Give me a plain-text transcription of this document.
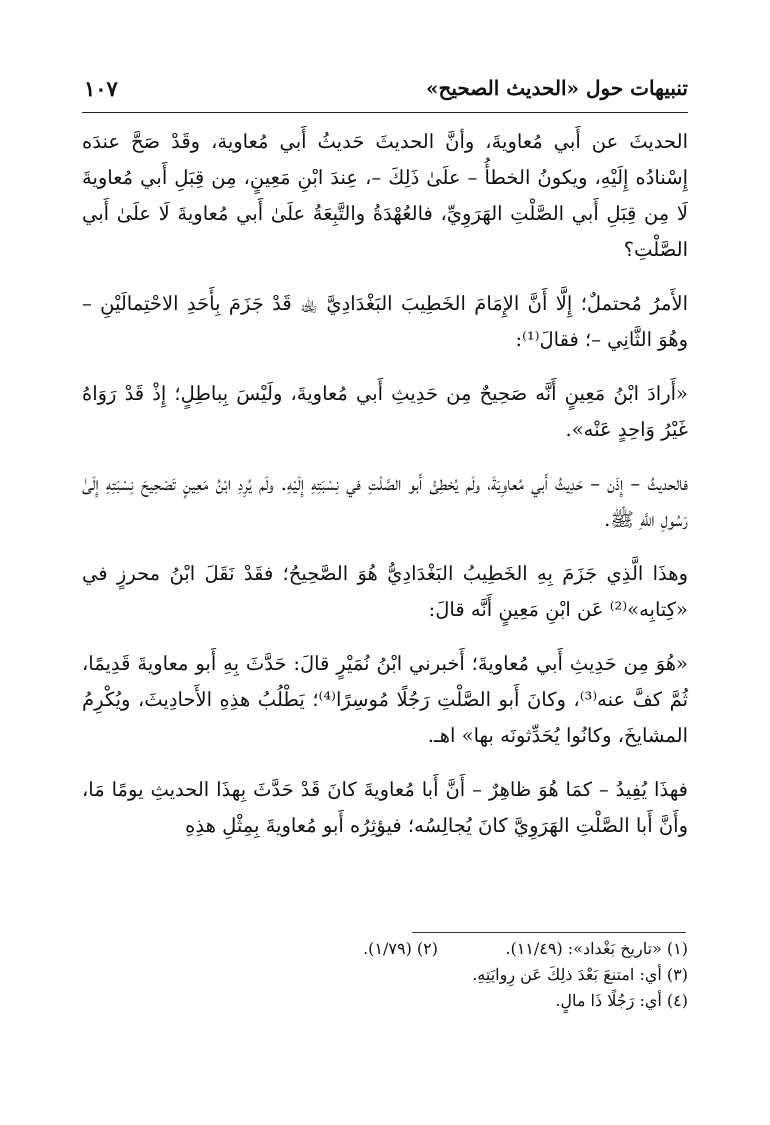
تنبيهات حول «الحديث الصحيح»
١٠٧

الحديثَ عن أَبي مُعاويةَ، وأنَّ الحديثَ حَديثُ أَبي مُعاوية، وقَدْ صَحَّ عندَه إِسْنادُه إِلَيْهِ، ويكونُ الخطأُ – علَىٰ ذَلِكَ –، عِندَ ابْنِ مَعِينٍ، مِن قِبَلِ أَبي مُعاويةَ لَا مِن قِبَلِ أَبي الصَّلْتِ الهَرَوِيِّ، فالعُهْدَةُ والتَّبِعَةُ علَىٰ أَبي مُعاويةَ لَا علَىٰ أَبي الصَّلْتِ؟

الأَمرُ مُحتملٌ؛ إِلَّا أَنَّ الإِمَامَ الخَطِيبَ البَغْدَادِيَّ ﵀ قَدْ جَزَمَ بِأَحَدِ الاحْتِمالَيْنِ – وهُوَ الثَّانِي –؛ فقالَ⁽¹⁾:

«أَرادَ ابْنُ مَعِينٍ أَنَّه صَحِيحٌ مِن حَدِيثِ أَبي مُعاويةَ، ولَيْسَ بِباطِلٍ؛ إِذْ قَدْ رَوَاهُ غَيْرُ وَاحِدٍ عَنْه».

فالحديثُ – إِذَن – حَدِيثُ أَبي مُعاوِيَةَ، ولَم يُخطِئْ أَبو الصَّلْتِ في نِسْبَتِهِ إِلَيْهِ. ولَم يُرِدِ ابْنُ مَعِينٍ تَصْحِيحَ نِسْبَتِهِ إِلَىٰ رَسُولِ اللَّهِ ﷺ.

وهذَا الَّذِي جَزَمَ بِهِ الخَطِيبُ البَغْدَادِيُّ هُوَ الصَّحِيحُ؛ فقَدْ نَقَلَ ابْنُ محرزٍ في «كِتابِه»⁽²⁾ عَن ابْنِ مَعِينٍ أَنَّه قالَ:

«هُوَ مِن حَدِيثِ أَبي مُعاويةَ؛ أَخبرني ابْنُ نُمَيْرٍ قالَ: حَدَّثَ بِهِ أَبو معاويةَ قَدِيمًا، ثُمَّ كفَّ عنه⁽³⁾، وكانَ أَبو الصَّلْتِ رَجُلًا مُوسِرًا⁽⁴⁾؛ يَطْلُبُ هذِهِ الأَحادِيثَ، ويُكْرِمُ المشايخَ، وكانُوا يُحَدِّثونَه بها» اهـ.

فهذَا يُفِيدُ – كمَا هُوَ ظاهِرٌ – أَنَّ أَبا مُعاويةَ كانَ قَدْ حَدَّثَ بِهذَا الحديثِ يومًا مَا، وأَنَّ أَبا الصَّلْتِ الهَرَوِيَّ كانَ يُجالِسُه؛ فيؤثِرُه أَبو مُعاويةَ بِمِثْلِ هذِهِ

(١) «تاريخ بَغْداد»: (١١/٤٩).
(٢) (١/٧٩).
(٣) أي: امتنعَ بَعْدَ ذلِكَ عَن رِوايَتِهِ.
(٤) أي: رَجُلًا ذَا مالٍ.
